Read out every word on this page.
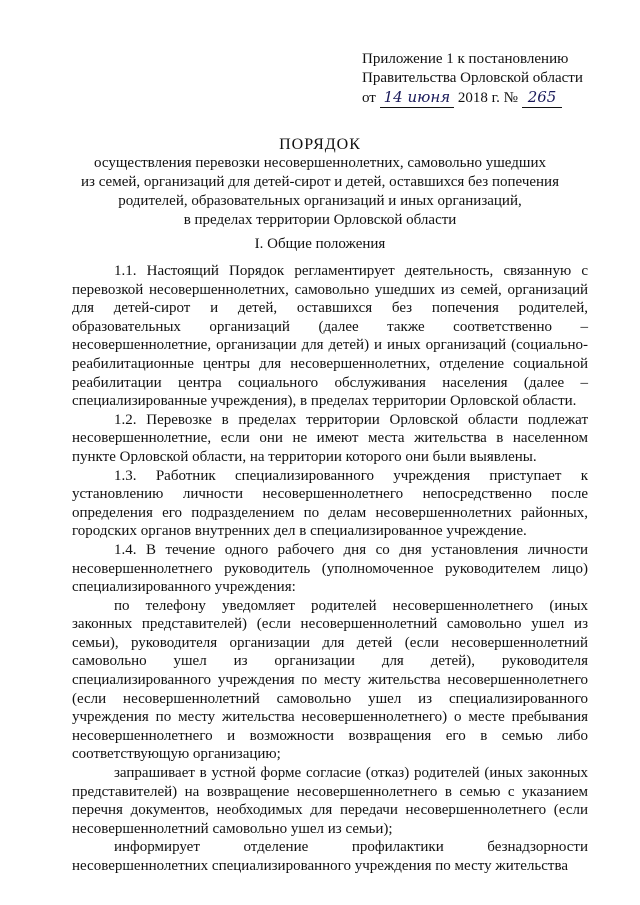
Приложение 1 к постановлению
Правительства Орловской области
от 14 июня 2018 г. № 265
ПОРЯДОК
осуществления перевозки несовершеннолетних, самовольно ушедших
из семей, организаций для детей-сирот и детей, оставшихся без попечения
родителей, образовательных организаций и иных организаций,
в пределах территории Орловской области
I. Общие положения

1.1. Настоящий Порядок регламентирует деятельность, связанную с перевозкой несовершеннолетних, самовольно ушедших из семей, организаций для детей-сирот и детей, оставшихся без попечения родителей, образовательных организаций (далее также соответственно – несовершеннолетние, организации для детей) и иных организаций (социально-реабилитационные центры для несовершеннолетних, отделение социальной реабилитации центра социального обслуживания населения (далее – специализированные учреждения), в пределах территории Орловской области.

1.2. Перевозке в пределах территории Орловской области подлежат несовершеннолетние, если они не имеют места жительства в населенном пункте Орловской области, на территории которого они были выявлены.

1.3. Работник специализированного учреждения приступает к установлению личности несовершеннолетнего непосредственно после определения его подразделением по делам несовершеннолетних районных, городских органов внутренних дел в специализированное учреждение.

1.4. В течение одного рабочего дня со дня установления личности несовершеннолетнего руководитель (уполномоченное руководителем лицо) специализированного учреждения:

по телефону уведомляет родителей несовершеннолетнего (иных законных представителей) (если несовершеннолетний самовольно ушел из семьи), руководителя организации для детей (если несовершеннолетний самовольно ушел из организации для детей), руководителя специализированного учреждения по месту жительства несовершеннолетнего (если несовершеннолетний самовольно ушел из специализированного учреждения по месту жительства несовершеннолетнего) о месте пребывания несовершеннолетнего и возможности возвращения его в семью либо соответствующую организацию;

запрашивает в устной форме согласие (отказ) родителей (иных законных представителей) на возвращение несовершеннолетнего в семью с указанием перечня документов, необходимых для передачи несовершеннолетнего (если несовершеннолетний самовольно ушел из семьи);

информирует отделение профилактики безнадзорности несовершеннолетних специализированного учреждения по месту жительства
